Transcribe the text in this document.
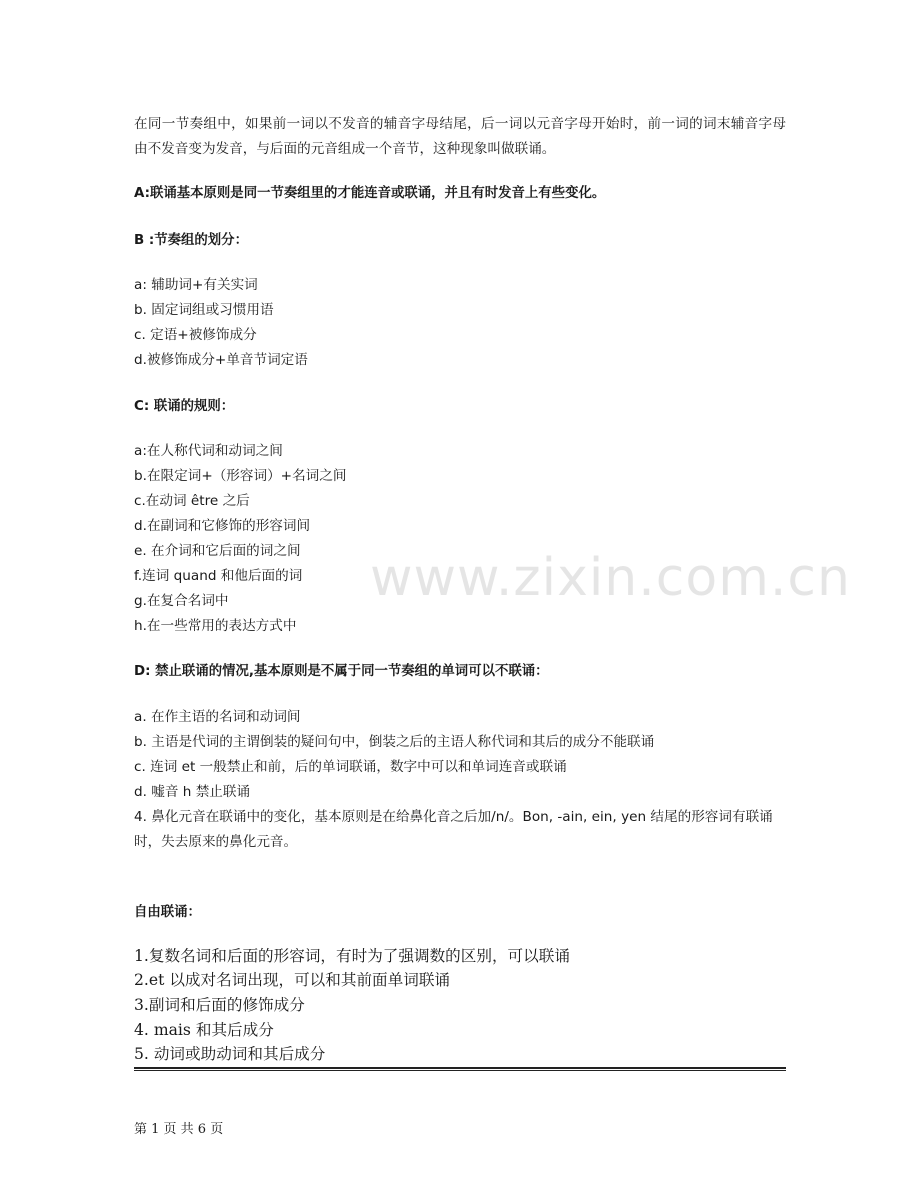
www.zixin.com.cn
在同一节奏组中，如果前一词以不发音的辅音字母结尾，后一词以元音字母开始时，前一词的词末辅音字母由不发音变为发音，与后面的元音组成一个音节，这种现象叫做联诵。
A:联诵基本原则是同一节奏组里的才能连音或联诵，并且有时发音上有些变化。
B :节奏组的划分：
a: 辅助词+有关实词
b. 固定词组或习惯用语
c. 定语+被修饰成分
d.被修饰成分+单音节词定语
C: 联诵的规则：
a:在人称代词和动词之间
b.在限定词+（形容词）+名词之间
c.在动词 être 之后
d.在副词和它修饰的形容词间
e. 在介词和它后面的词之间
f.连词 quand 和他后面的词
g.在复合名词中
h.在一些常用的表达方式中
D: 禁止联诵的情况,基本原则是不属于同一节奏组的单词可以不联诵：
a. 在作主语的名词和动词间
b. 主语是代词的主谓倒装的疑问句中，倒装之后的主语人称代词和其后的成分不能联诵
c. 连词 et 一般禁止和前，后的单词联诵，数字中可以和单词连音或联诵
d. 嘘音 h 禁止联诵
4. 鼻化元音在联诵中的变化，基本原则是在给鼻化音之后加/n/。Bon, -ain, ein, yen 结尾的形容词有联诵时，失去原来的鼻化元音。
自由联诵：
1.复数名词和后面的形容词，有时为了强调数的区别，可以联诵
2.et 以成对名词出现，可以和其前面单词联诵
3.副词和后面的修饰成分
4. mais 和其后成分
5. 动词或助动词和其后成分
第 1 页 共 6 页
